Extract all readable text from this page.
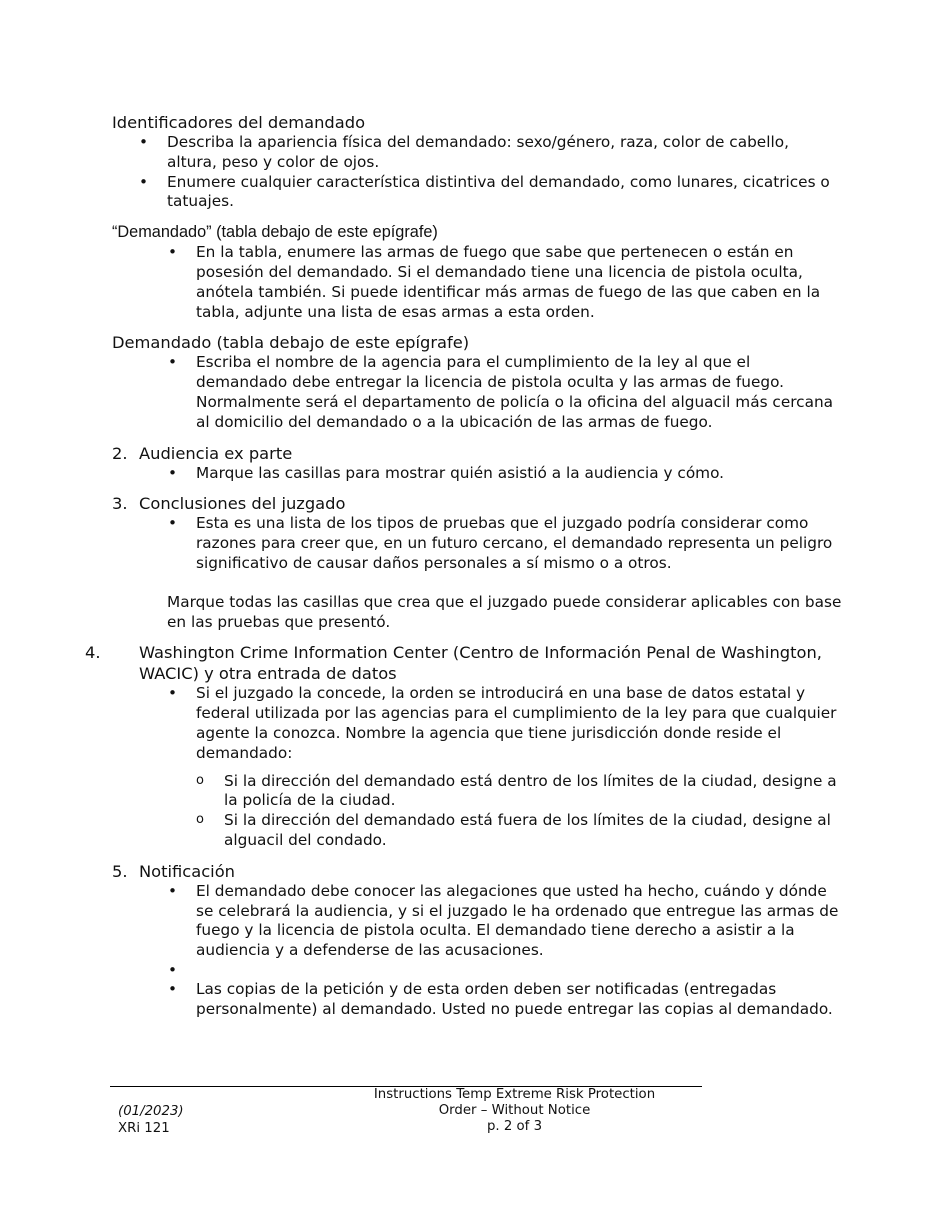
Identificadores del demandado

• Describa la apariencia física del demandado: sexo/género, raza, color de cabello, altura, peso y color de ojos.
• Enumere cualquier característica distintiva del demandado, como lunares, cicatrices o tatuajes.

“Demandado” (tabla debajo de este epígrafe)

• En la tabla, enumere las armas de fuego que sabe que pertenecen o están en posesión del demandado. Si el demandado tiene una licencia de pistola oculta, anótela también. Si puede identificar más armas de fuego de las que caben en la tabla, adjunte una lista de esas armas a esta orden.

Demandado (tabla debajo de este epígrafe)

• Escriba el nombre de la agencia para el cumplimiento de la ley al que el demandado debe entregar la licencia de pistola oculta y las armas de fuego. Normalmente será el departamento de policía o la oficina del alguacil más cercana al domicilio del demandado o a la ubicación de las armas de fuego.

2. Audiencia ex parte

• Marque las casillas para mostrar quién asistió a la audiencia y cómo.

3. Conclusiones del juzgado

• Esta es una lista de los tipos de pruebas que el juzgado podría considerar como razones para creer que, en un futuro cercano, el demandado representa un peligro significativo de causar daños personales a sí mismo o a otros.

Marque todas las casillas que crea que el juzgado puede considerar aplicables con base en las pruebas que presentó.

4. Washington Crime Information Center (Centro de Información Penal de Washington, WACIC) y otra entrada de datos

• Si el juzgado la concede, la orden se introducirá en una base de datos estatal y federal utilizada por las agencias para el cumplimiento de la ley para que cualquier agente la conozca. Nombre la agencia que tiene jurisdicción donde reside el demandado:
o Si la dirección del demandado está dentro de los límites de la ciudad, designe a la policía de la ciudad.
o Si la dirección del demandado está fuera de los límites de la ciudad, designe al alguacil del condado.

5. Notificación

• El demandado debe conocer las alegaciones que usted ha hecho, cuándo y dónde se celebrará la audiencia, y si el juzgado le ha ordenado que entregue las armas de fuego y la licencia de pistola oculta. El demandado tiene derecho a asistir a la audiencia y a defenderse de las acusaciones.
•
• Las copias de la petición y de esta orden deben ser notificadas (entregadas personalmente) al demandado. Usted no puede entregar las copias al demandado.
(01/2023)
XRi 121
Instructions Temp Extreme Risk Protection
Order – Without Notice
p. 2 of 3
